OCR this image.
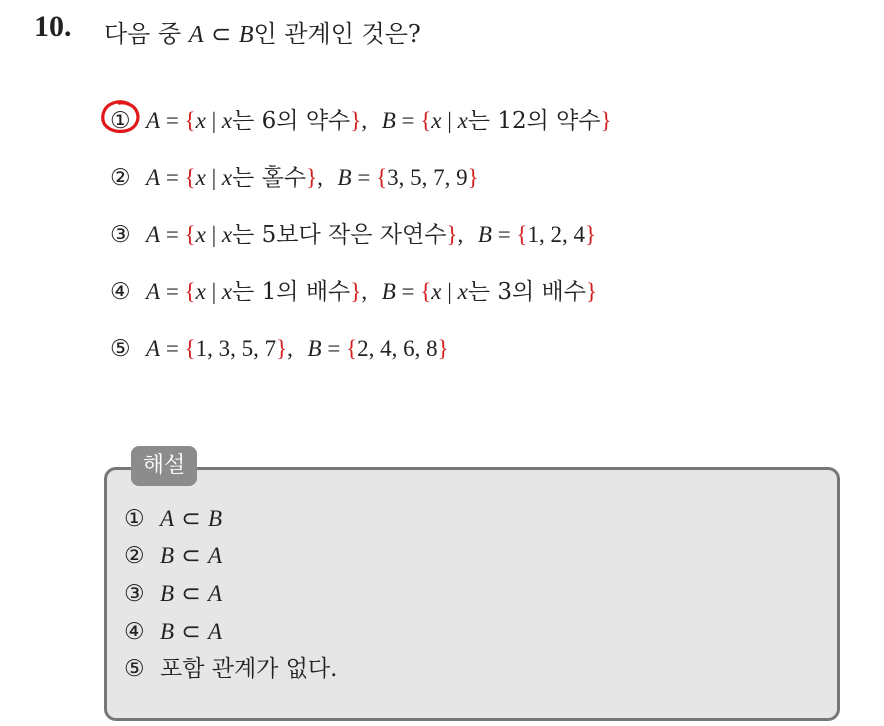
10. 다음 중 A ⊂ B인 관계인 것은?
① A = {x | x는 6의 약수}, B = {x | x는 12의 약수}
② A = {x | x는 홀수}, B = {3, 5, 7, 9}
③ A = {x | x는 5보다 작은 자연수}, B = {1, 2, 4}
④ A = {x | x는 1의 배수}, B = {x | x는 3의 배수}
⑤ A = {1, 3, 5, 7}, B = {2, 4, 6, 8}
해설
① A ⊂ B
② B ⊂ A
③ B ⊂ A
④ B ⊂ A
⑤ 포함 관계가 없다.
